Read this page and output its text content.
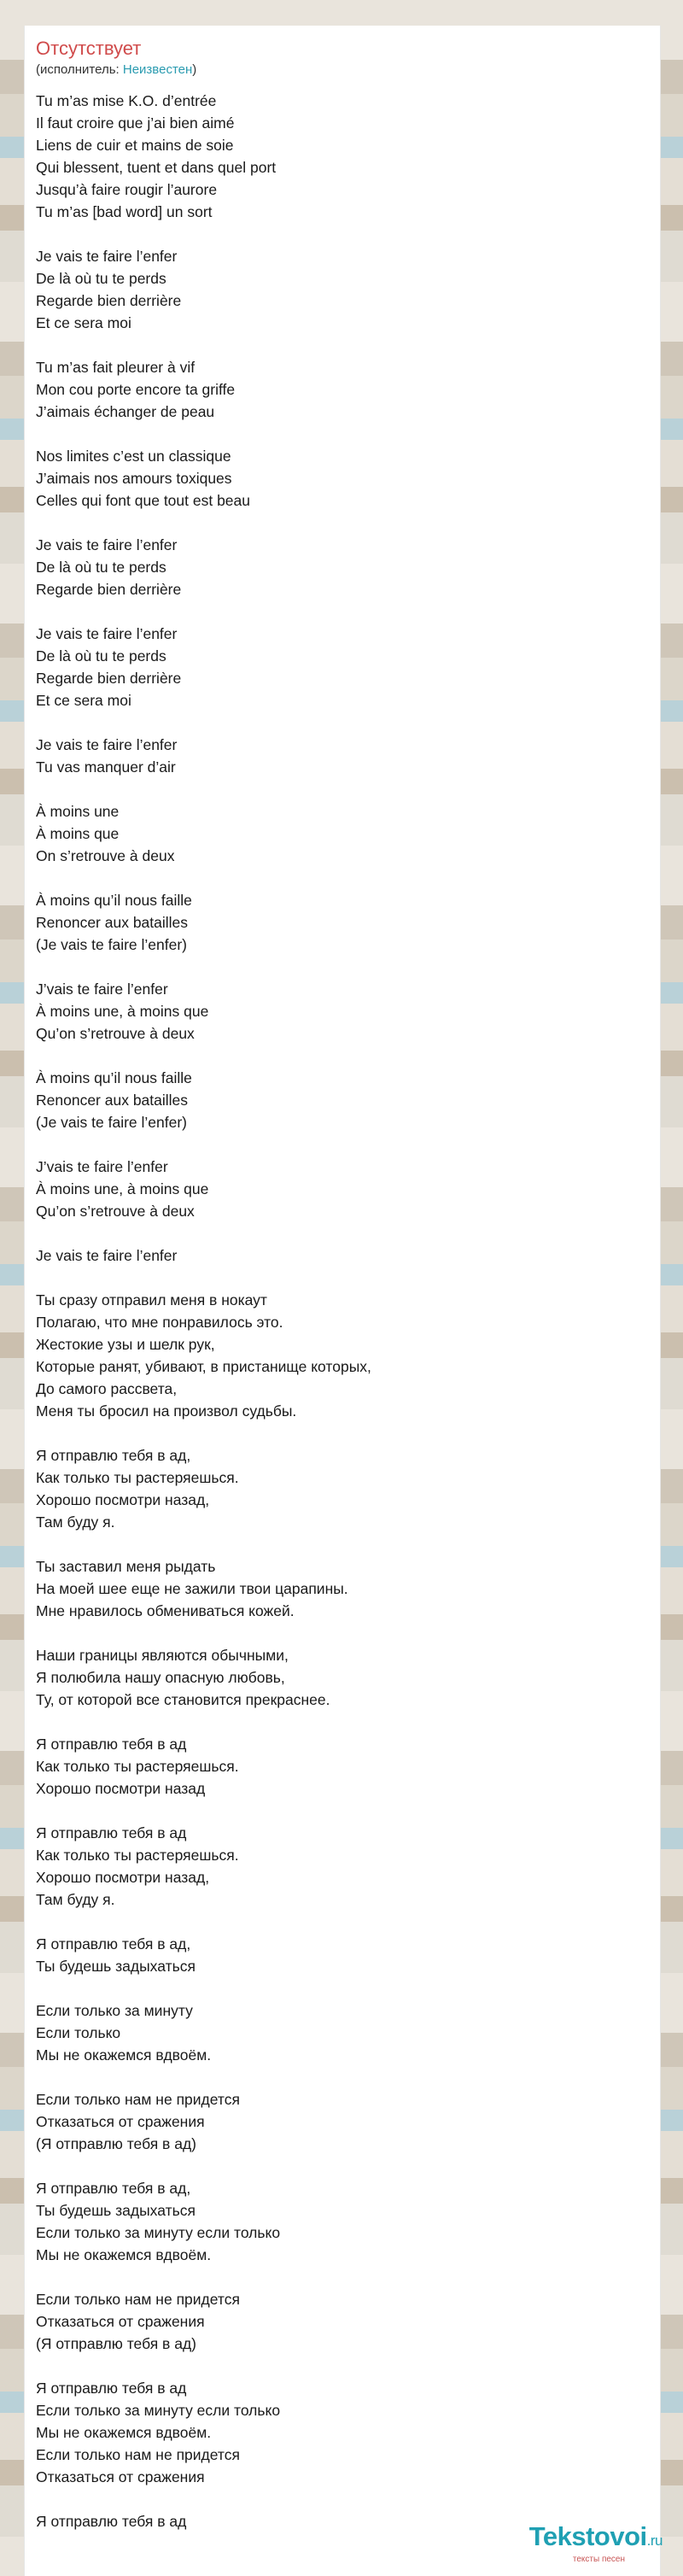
Отсутствует
(исполнитель: Неизвестен)
Tu m’as mise K.O. d’entrée
Il faut croire que j’ai bien aimé
Liens de cuir et mains de soie
Qui blessent, tuent et dans quel port
Jusqu’à faire rougir l’aurore
Tu m’as [bad word] un sort
Je vais te faire l’enfer
De là où tu te perds
Regarde bien derrière
Et ce sera moi
Tu m’as fait pleurer à vif
Mon cou porte encore ta griffe
J’aimais échanger de peau
Nos limites c’est un classique
J’aimais nos amours toxiques
Celles qui font que tout est beau
Je vais te faire l’enfer
De là où tu te perds
Regarde bien derrière
Je vais te faire l’enfer
De là où tu te perds
Regarde bien derrière
Et ce sera moi
Je vais te faire l’enfer
Tu vas manquer d’air
À moins une
À moins que
On s’retrouve à deux
À moins qu’il nous faille
Renoncer aux batailles
(Je vais te faire l’enfer)
J’vais te faire l’enfer
À moins une, à moins que
Qu’on s’retrouve à deux
À moins qu’il nous faille
Renoncer aux batailles
(Je vais te faire l’enfer)
J’vais te faire l’enfer
À moins une, à moins que
Qu’on s’retrouve à deux
Je vais te faire l’enfer
Ты сразу отправил меня в нокаут
Полагаю, что мне понравилось это.
Жестокие узы и шелк рук,
Которые ранят, убивают, в пристанище которых,
До самого рассвета,
Меня ты бросил на произвол судьбы.
Я отправлю тебя в ад,
Как только ты растеряешься.
Хорошо посмотри назад,
Там буду я.
Ты заставил меня рыдать
На моей шее еще не зажили твои царапины.
Мне нравилось обмениваться кожей.
Наши границы являются обычными,
Я полюбила нашу опасную любовь,
Ту, от которой все становится прекраснее.
Я отправлю тебя в ад
Как только ты растеряешься.
Хорошо посмотри назад
Я отправлю тебя в ад
Как только ты растеряешься.
Хорошо посмотри назад,
Там буду я.
Я отправлю тебя в ад,
Ты будешь задыхаться
Если только за минуту
Если только
Мы не окажемся вдвоём.
Если только нам не придется
Отказаться от сражения
(Я отправлю тебя в ад)
Я отправлю тебя в ад,
Ты будешь задыхаться
Если только за минуту если только
Мы не окажемся вдвоём.
Если только нам не придется
Отказаться от сражения
(Я отправлю тебя в ад)
Я отправлю тебя в ад
Если только за минуту если только
Мы не окажемся вдвоём.
Если только нам не придется
Отказаться от сражения
Я отправлю тебя в ад	Tekstovoi.ru
тексты песен
